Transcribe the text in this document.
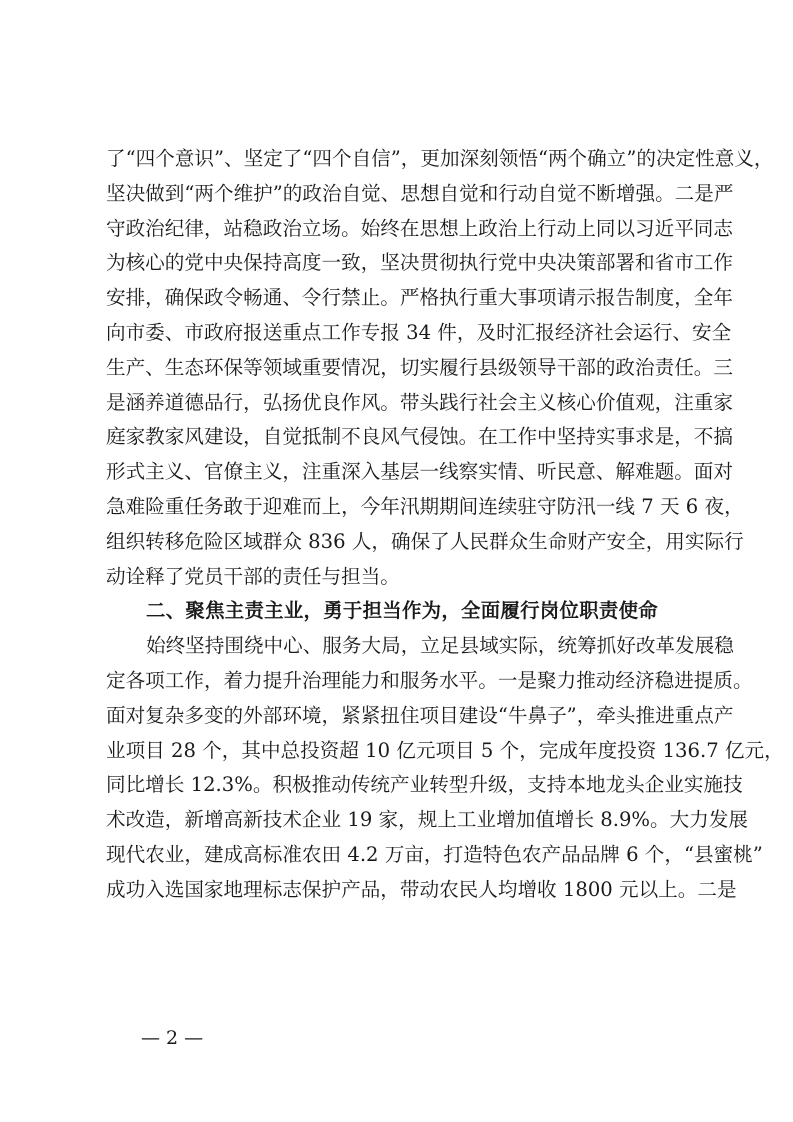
了“四个意识”、坚定了“四个自信”，更加深刻领悟“两个确立”的决定性意义，
坚决做到“两个维护”的政治自觉、思想自觉和行动自觉不断增强。二是严
守政治纪律，站稳政治立场。始终在思想上政治上行动上同以习近平同志
为核心的党中央保持高度一致，坚决贯彻执行党中央决策部署和省市工作
安排，确保政令畅通、令行禁止。严格执行重大事项请示报告制度，全年
向市委、市政府报送重点工作专报 34 件，及时汇报经济社会运行、安全
生产、生态环保等领域重要情况，切实履行县级领导干部的政治责任。三
是涵养道德品行，弘扬优良作风。带头践行社会主义核心价值观，注重家
庭家教家风建设，自觉抵制不良风气侵蚀。在工作中坚持实事求是，不搞
形式主义、官僚主义，注重深入基层一线察实情、听民意、解难题。面对
急难险重任务敢于迎难而上，今年汛期期间连续驻守防汛一线 7 天 6 夜，
组织转移危险区域群众 836 人，确保了人民群众生命财产安全，用实际行
动诠释了党员干部的责任与担当。
二、聚焦主责主业，勇于担当作为，全面履行岗位职责使命
始终坚持围绕中心、服务大局，立足县域实际，统筹抓好改革发展稳
定各项工作，着力提升治理能力和服务水平。一是聚力推动经济稳进提质。
面对复杂多变的外部环境，紧紧扭住项目建设“牛鼻子”，牵头推进重点产
业项目 28 个，其中总投资超 10 亿元项目 5 个，完成年度投资 136.7 亿元，
同比增长 12.3%。积极推动传统产业转型升级，支持本地龙头企业实施技
术改造，新增高新技术企业 19 家，规上工业增加值增长 8.9%。大力发展
现代农业，建成高标准农田 4.2 万亩，打造特色农产品品牌 6 个，“县蜜桃”
成功入选国家地理标志保护产品，带动农民人均增收 1800 元以上。二是
— 2 —
